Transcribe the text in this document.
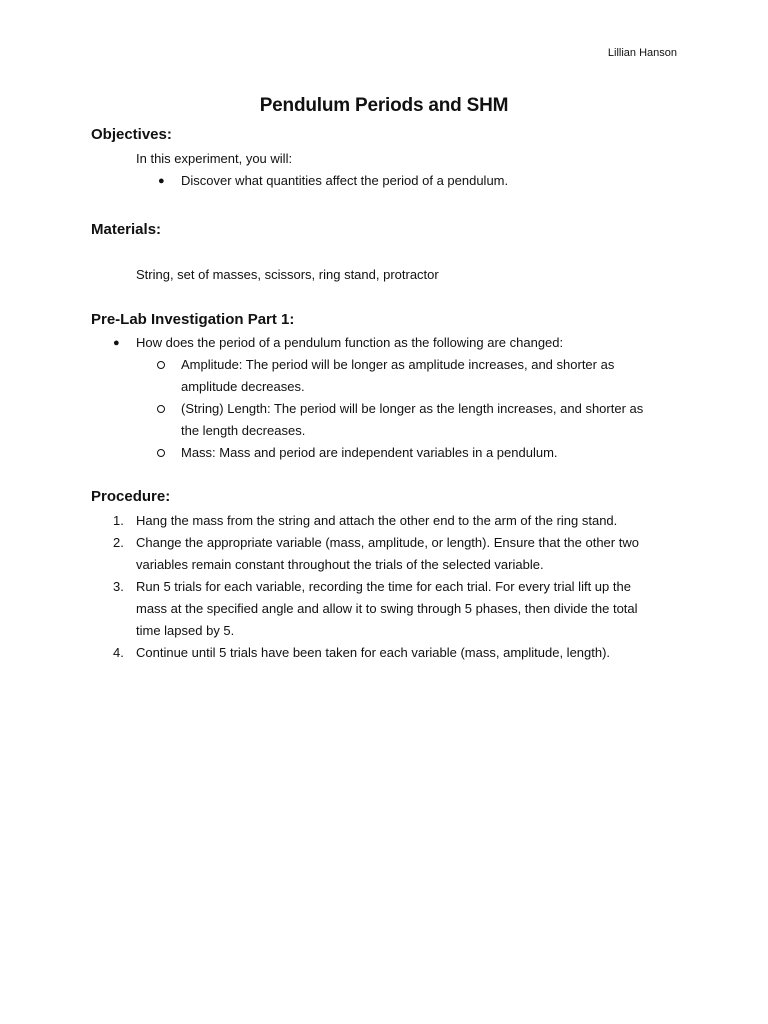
Lillian Hanson
Pendulum Periods and SHM
Objectives:
In this experiment, you will:
● Discover what quantities affect the period of a pendulum.
Materials:
String, set of masses, scissors, ring stand, protractor
Pre-Lab Investigation Part 1:
● How does the period of a pendulum function as the following are changed:
Amplitude: The period will be longer as amplitude increases, and shorter as
amplitude decreases.
(String) Length: The period will be longer as the length increases, and shorter as
the length decreases.
Mass: Mass and period are independent variables in a pendulum.
Procedure:
1. Hang the mass from the string and attach the other end to the arm of the ring stand.
2. Change the appropriate variable (mass, amplitude, or length). Ensure that the other two
variables remain constant throughout the trials of the selected variable.
3. Run 5 trials for each variable, recording the time for each trial. For every trial lift up the
mass at the specified angle and allow it to swing through 5 phases, then divide the total
time lapsed by 5.
4. Continue until 5 trials have been taken for each variable (mass, amplitude, length).
